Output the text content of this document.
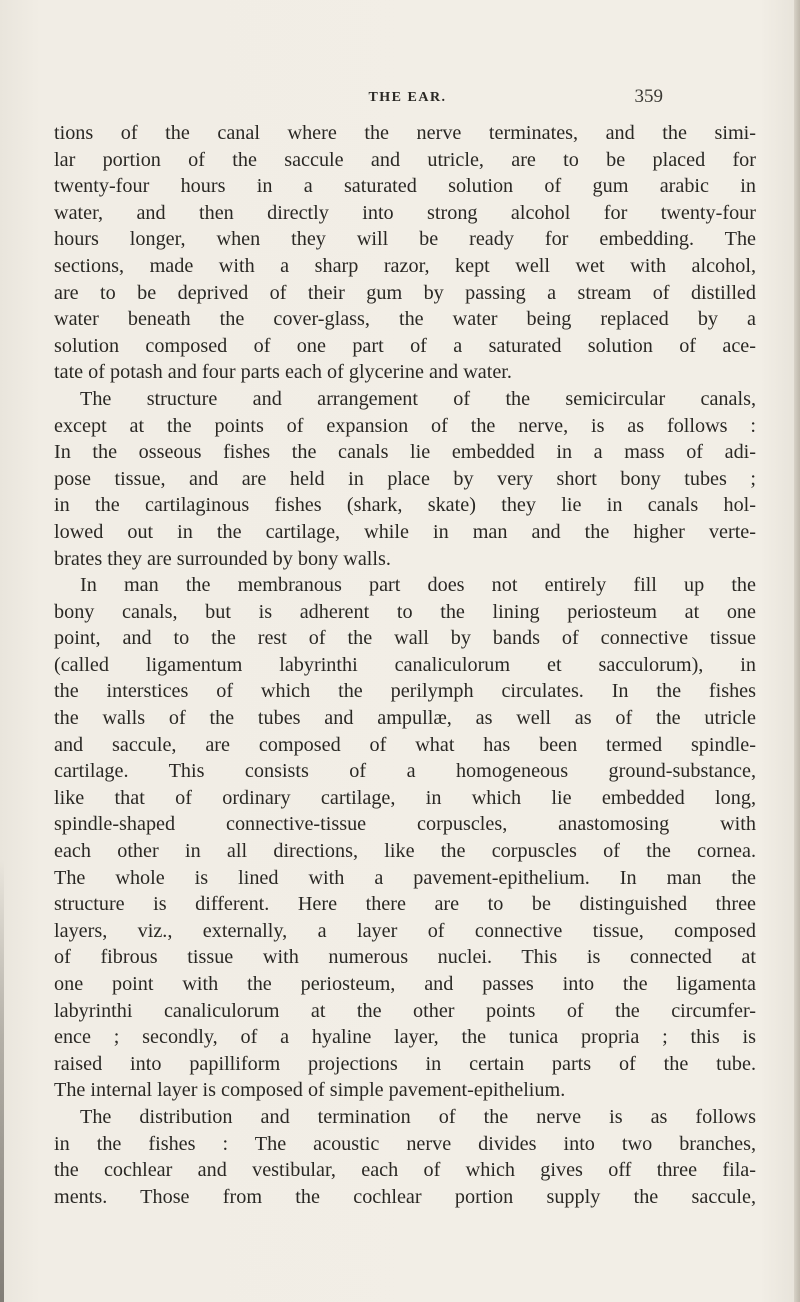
THE EAR.	359

tions of the canal where the nerve terminates, and the simi-
lar portion of the saccule and utricle, are to be placed for
twenty-four hours in a saturated solution of gum arabic in
water, and then directly into strong alcohol for twenty-four
hours longer, when they will be ready for embedding. The
sections, made with a sharp razor, kept well wet with alcohol,
are to be deprived of their gum by passing a stream of distilled
water beneath the cover-glass, the water being replaced by a
solution composed of one part of a saturated solution of ace-
tate of potash and four parts each of glycerine and water.

The structure and arrangement of the semicircular canals,
except at the points of expansion of the nerve, is as follows :
In the osseous fishes the canals lie embedded in a mass of adi-
pose tissue, and are held in place by very short bony tubes ;
in the cartilaginous fishes (shark, skate) they lie in canals hol-
lowed out in the cartilage, while in man and the higher verte-
brates they are surrounded by bony walls.

In man the membranous part does not entirely fill up the
bony canals, but is adherent to the lining periosteum at one
point, and to the rest of the wall by bands of connective tissue
(called ligamentum labyrinthi canaliculorum et sacculorum), in
the interstices of which the perilymph circulates. In the fishes
the walls of the tubes and ampullæ, as well as of the utricle
and saccule, are composed of what has been termed spindle-
cartilage. This consists of a homogeneous ground-substance,
like that of ordinary cartilage, in which lie embedded long,
spindle-shaped connective-tissue corpuscles, anastomosing with
each other in all directions, like the corpuscles of the cornea.
The whole is lined with a pavement-epithelium. In man the
structure is different. Here there are to be distinguished three
layers, viz., externally, a layer of connective tissue, composed
of fibrous tissue with numerous nuclei. This is connected at
one point with the periosteum, and passes into the ligamenta
labyrinthi canaliculorum at the other points of the circumfer-
ence ; secondly, of a hyaline layer, the tunica propria ; this is
raised into papilliform projections in certain parts of the tube.
The internal layer is composed of simple pavement-epithelium.

The distribution and termination of the nerve is as follows
in the fishes : The acoustic nerve divides into two branches,
the cochlear and vestibular, each of which gives off three fila-
ments. Those from the cochlear portion supply the saccule,
